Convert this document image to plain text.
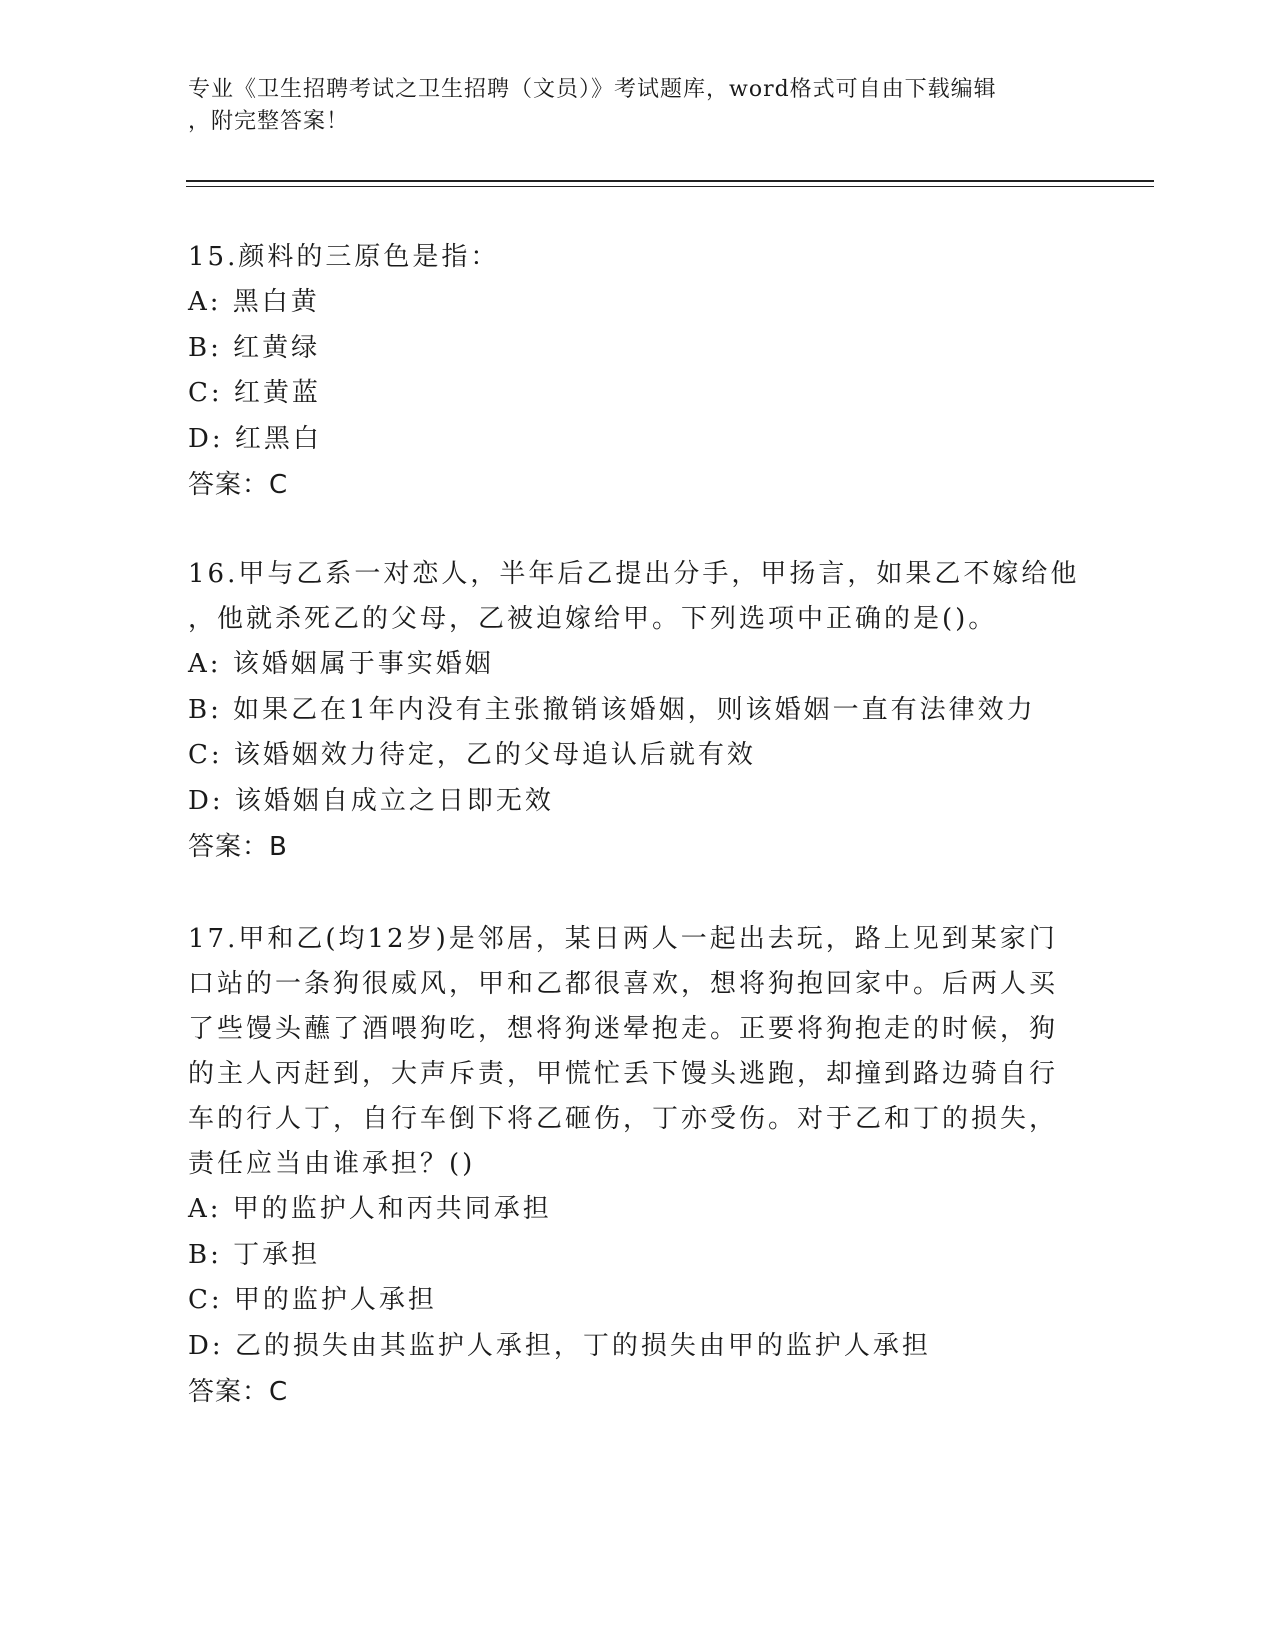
专业《卫生招聘考试之卫生招聘（文员）》考试题库，word格式可自由下载编辑
，附完整答案！

15.颜料的三原色是指：

A: 黑白黄

B: 红黄绿

C: 红黄蓝

D: 红黑白

答案：C

16.甲与乙系一对恋人，半年后乙提出分手，甲扬言，如果乙不嫁给他

，他就杀死乙的父母，乙被迫嫁给甲。下列选项中正确的是()。

A: 该婚姻属于事实婚姻

B: 如果乙在1年内没有主张撤销该婚姻，则该婚姻一直有法律效力

C: 该婚姻效力待定，乙的父母追认后就有效

D: 该婚姻自成立之日即无效

答案：B

17.甲和乙(均12岁)是邻居，某日两人一起出去玩，路上见到某家门

口站的一条狗很威风，甲和乙都很喜欢，想将狗抱回家中。后两人买

了些馒头蘸了酒喂狗吃，想将狗迷晕抱走。正要将狗抱走的时候，狗

的主人丙赶到，大声斥责，甲慌忙丢下馒头逃跑，却撞到路边骑自行

车的行人丁，自行车倒下将乙砸伤，丁亦受伤。对于乙和丁的损失，

责任应当由谁承担？()

A: 甲的监护人和丙共同承担

B: 丁承担

C: 甲的监护人承担

D: 乙的损失由其监护人承担，丁的损失由甲的监护人承担

答案：C
